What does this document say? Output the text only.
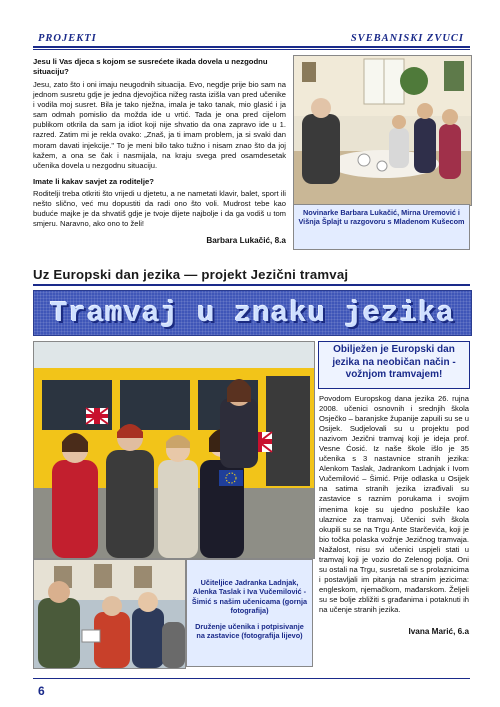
PROJEKTI	SVEBANISKI ZVUCI
Jesu li Vas djeca s kojom se susrećete ikada dovela u nezgodnu situaciju?
Jesu, zato što i oni imaju neugodnih situacija. Evo, negdje prije bio sam na jednom susretu gdje je jedna djevojčica nižeg rasta izišla van pred učenike i vodila moj susret. Bila je tako nježna, imala je tako tanak, mio glasić i ja sam odmah pomislio da možda ide u vrtić. Tada je ona pred cijelom publikom otkrila da sam ja idiot koji nije shvatio da ona zapravo ide u 1. razred. Zatim mi je rekla ovako: „Znaš, ja ti imam problem, ja si svaki dan moram davati injekcije." To je meni bilo tako tužno i nisam znao što da joj kažem, a ona se čak i nasmijala, na kraju svega pred osamdesetak učenika dovela u nezgodnu situaciju.
Imate li kakav savjet za roditelje?
Roditelji treba otkriti što vrijedi u djetetu, a ne nametati klavir, balet, sport ili nešto slično, već mu dopustiti da radi ono što voli. Mudrost tebe kao buduće majke je da shvatiš gdje je tvoje dijete najbolje i da ga vodiš u tom smjeru. Naravno, ako ono to želi!
Barbara Lukačić, 8.a
Novinarke Barbara Lukačić, Mirna Uremović i Višnja Šplajt u razgovoru s Mladenom Kušecom
Uz Europski dan jezika — projekt Jezični tramvaj
Tramvaj u znaku jezika
Učiteljice Jadranka Ladnjak, Alenka Taslak i Iva Vučemilović - Šimić s našim učenicama (gornja fotografija)
Druženje učenika i potpisivanje na zastavice (fotografija lijevo)
Obilježen je Europski dan jezika na neobičan način - vožnjom tramvajem!
Povodom Europskog dana jezika 26. rujna 2008. učenici osnovnih i srednjih škola Osječko – baranjske županije zapuili su se u Osijek. Sudjelovali su u projektu pod nazivom Jezični tramvaj koji je ideja prof. Vesne Ćosić. Iz naše škole išlo je 35 učenika s 3 nastavnice stranih jezika: Alenkom Taslak, Jadrankom Ladnjak i Ivom Vučemilović – Šimić. Prije odlaska u Osijek na satima stranih jezika izrađivali su zastavice s raznim porukama i svojim imenima koje su ujedno poslužile kao ulaznice za tramvaj. Učenici svih škola okupili su se na Trgu Ante Starčevića, koji je bio točka polaska vožnje Jezičnog tramvaja. Nažalost, nisu svi učenici uspjeli stati u tramvaj koji je vozio do Zelenog polja. Oni su ostali na Trgu, susretali se s prolaznicima i postavljali im pitanja na stranim jezicima: engleskom, njemačkom, mađarskom. Željeli su se bolje zbližiti s građanima i potaknuti ih na učenje stranih jezika.
Ivana Marić, 6.a
6
